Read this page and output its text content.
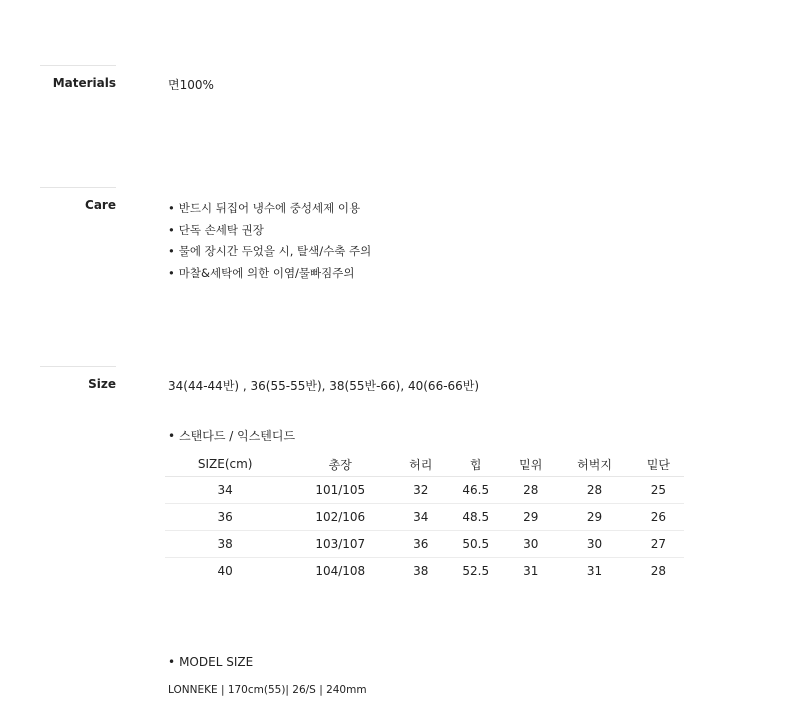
Materials	면100%
Care	• 반드시 뒤집어 냉수에 중성세제 이용
• 단독 손세탁 권장
• 물에 장시간 두었을 시, 탈색/수축 주의
• 마찰&세탁에 의한 이염/물빠짐주의
Size	34(44-44반) , 36(55-55반), 38(55반-66), 40(66-66반)
• 스탠다드 / 익스텐디드
SIZE(cm)	총장	허리	힙	밑위	허벅지	밑단
34	101/105	32	46.5	28	28	25
36	102/106	34	48.5	29	29	26
38	103/107	36	50.5	30	30	27
40	104/108	38	52.5	31	31	28
• MODEL SIZE
LONNEKE | 170cm(55)| 26/S | 240mm
